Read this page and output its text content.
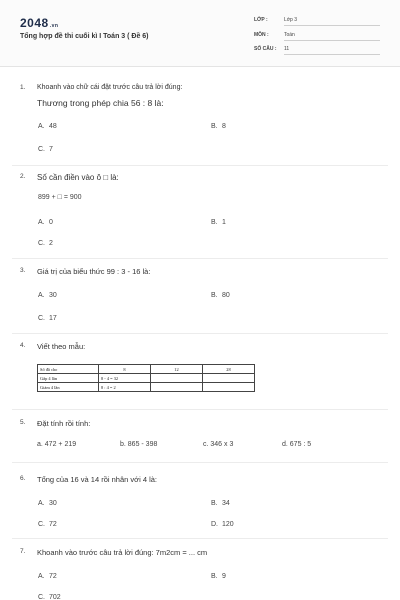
2048.vn
Tổng hợp đề thi cuối kì I Toán 3 ( Đề 6)
LỚP :	Lớp 3
MÔN :	Toán
SỐ CÂU :	11
1. Khoanh vào chữ cái đặt trước câu trả lời đúng:
Thương trong phép chia 56 : 8 là:
A. 48	B. 8
C. 7
2. Số cần điền vào ô □ là:
899 + □ = 900
A. 0	B. 1
C. 2
3. Giá trị của biểu thức 99 : 3 - 16 là:
A. 30	B. 80
C. 17
4. Viết theo mẫu:
Số đã cho	8	12	28
Gấp 4 lần	8 - 4 = 32		
Giảm 4 lần	8 : 4 = 2		
5. Đặt tính rồi tính:
a. 472 + 219	b. 865 - 398	c. 346 x 3	d. 675 : 5
6. Tổng của 16 và 14 rồi nhân với 4 là:
A. 30	B. 34
C. 72	D. 120
7. Khoanh vào trước câu trả lời đúng: 7m2cm = ... cm
A. 72	B. 9
C. 702
